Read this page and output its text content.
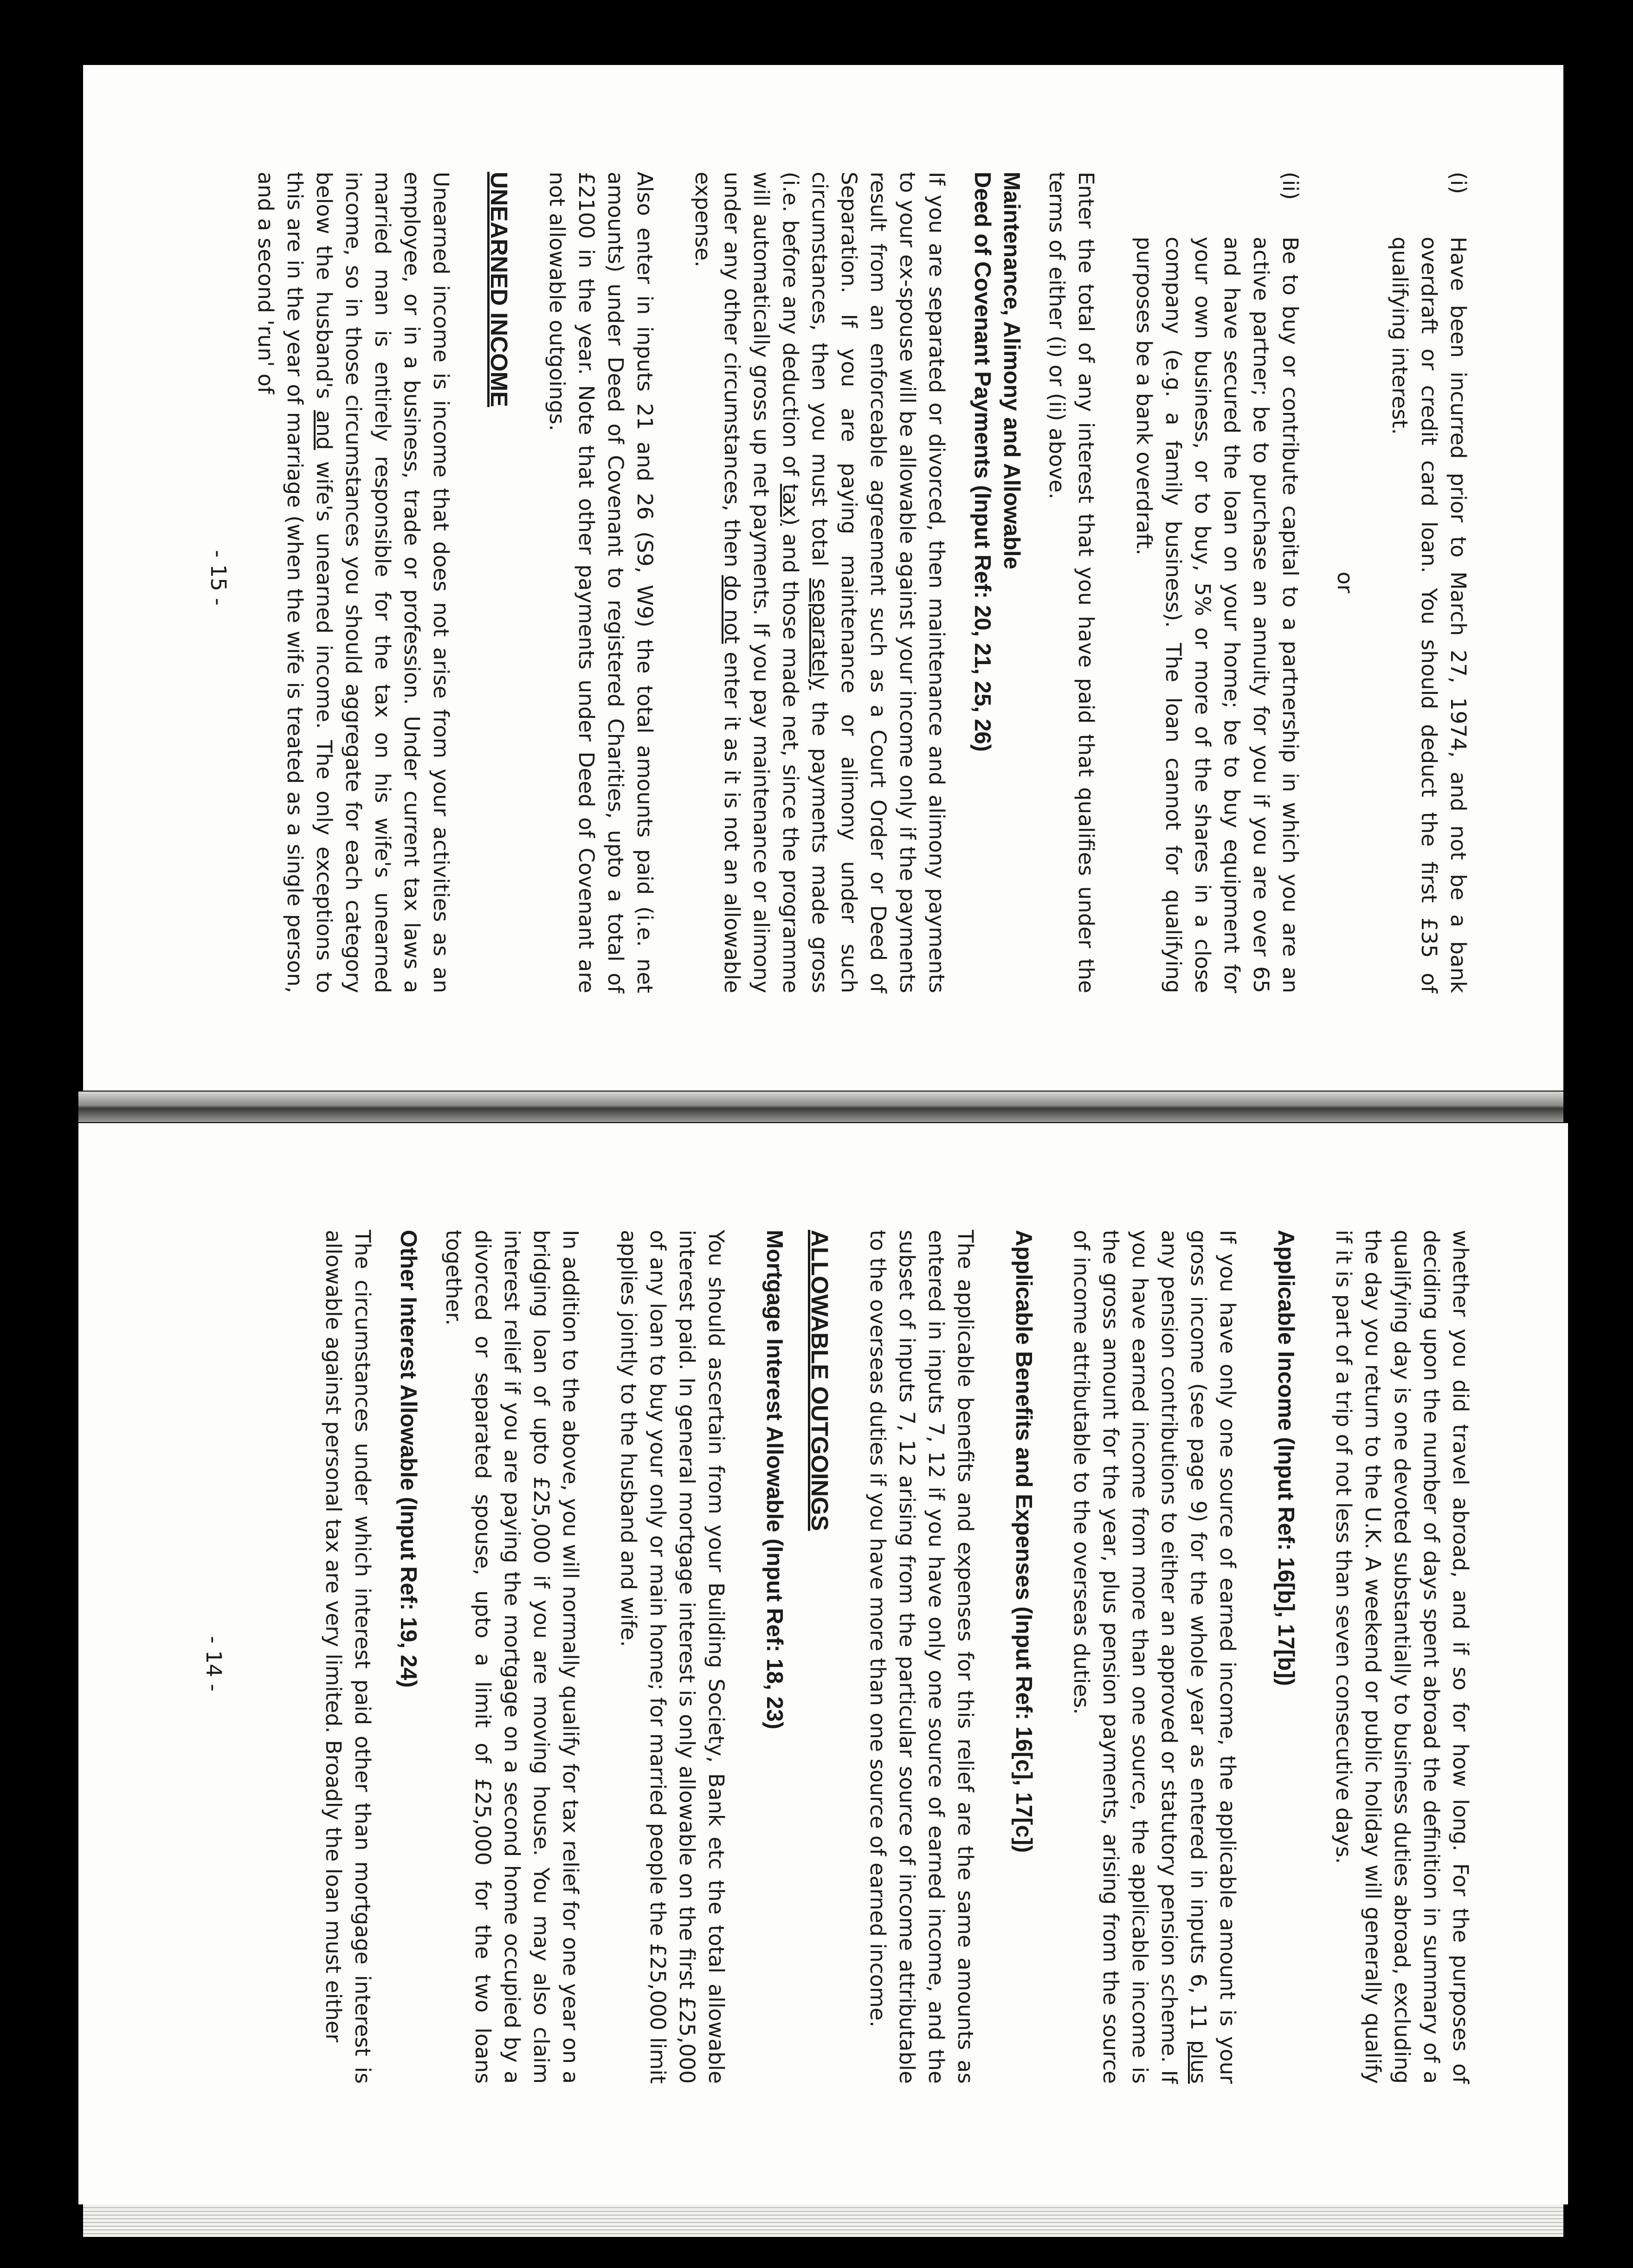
(i)

Have been incurred prior to March 27, 1974, and not be a bank overdraft or credit card loan. You should deduct the first £35 of qualifying interest.

or
(ii)

Be to buy or contribute capital to a partnership in which you are an active partner; be to purchase an annuity for you if you are over 65 and have secured the loan on your home; be to buy equipment for your own business, or to buy, 5% or more of the shares in a close company (e.g. a family business). The loan cannot for qualifying purposes be a bank overdraft.

Enter the total of any interest that you have paid that qualifies under the terms of either (i) or (ii) above.

Maintenance, Alimony and Allowable

Deed of Covenant Payments (Input Ref: 20, 21, 25, 26)

If you are separated or divorced, then maintenance and alimony payments to your ex-spouse will be allowable against your income only if the payments result from an enforceable agreement such as a Court Order or Deed of Separation. If you are paying maintenance or alimony under such circumstances, then you must total separately the payments made gross (i.e. before any deduction of tax) and those made net, since the programme will automatically gross up net payments. If you pay maintenance or alimony under any other circumstances, then do not enter it as it is not an allowable expense.

Also enter in inputs 21 and 26 (S9, W9) the total amounts paid (i.e. net amounts) under Deed of Covenant to registered Charities, upto a total of £2100 in the year. Note that other payments under Deed of Covenant are not allowable outgoings.

UNEARNED INCOME

Unearned income is income that does not arise from your activities as an employee, or in a business, trade or profession. Under current tax laws a married man is entirely responsible for the tax on his wife's unearned income, so in those circumstances you should aggregate for each category below the husband's and wife's unearned income. The only exceptions to this are in the year of marriage (when the wife is treated as a single person, and a second 'run' of

- 15 -

whether you did travel abroad, and if so for how long. For the purposes of deciding upon the number of days spent abroad the definition in summary of a qualifying day is one devoted substantially to business duties abroad, excluding the day you return to the U.K. A weekend or public holiday will generally qualify if it is part of a trip of not less than seven consecutive days.

Applicable Income (Input Ref: 16[b], 17[b])

If you have only one source of earned income, the applicable amount is your gross income (see page 9) for the whole year as entered in inputs 6, 11 plus any pension contributions to either an approved or statutory pension scheme. If you have earned income from more than one source, the applicable income is the gross amount for the year, plus pension payments, arising from the source of income attributable to the overseas duties.

Applicable Benefits and Expenses (Input Ref: 16[c], 17[c])

The applicable benefits and expenses for this relief are the same amounts as entered in inputs 7, 12 if you have only one source of earned income, and the subset of inputs 7, 12 arising from the particular source of income attributable to the overseas duties if you have more than one source of earned income.

ALLOWABLE OUTGOINGS

Mortgage Interest Allowable (Input Ref: 18, 23)

You should ascertain from your Building Society, Bank etc the total allowable interest paid. In general mortgage interest is only allowable on the first £25,000 of any loan to buy your only or main home; for married people the £25,000 limit applies jointly to the husband and wife.

In addition to the above, you will normally qualify for tax relief for one year on a bridging loan of upto £25,000 if you are moving house. You may also claim interest relief if you are paying the mortgage on a second home occupied by a divorced or separated spouse, upto a limit of £25,000 for the two loans together.

Other Interest Allowable (Input Ref: 19, 24)

The circumstances under which interest paid other than mortgage interest is allowable against personal tax are very limited. Broadly the loan must either

- 14 -
